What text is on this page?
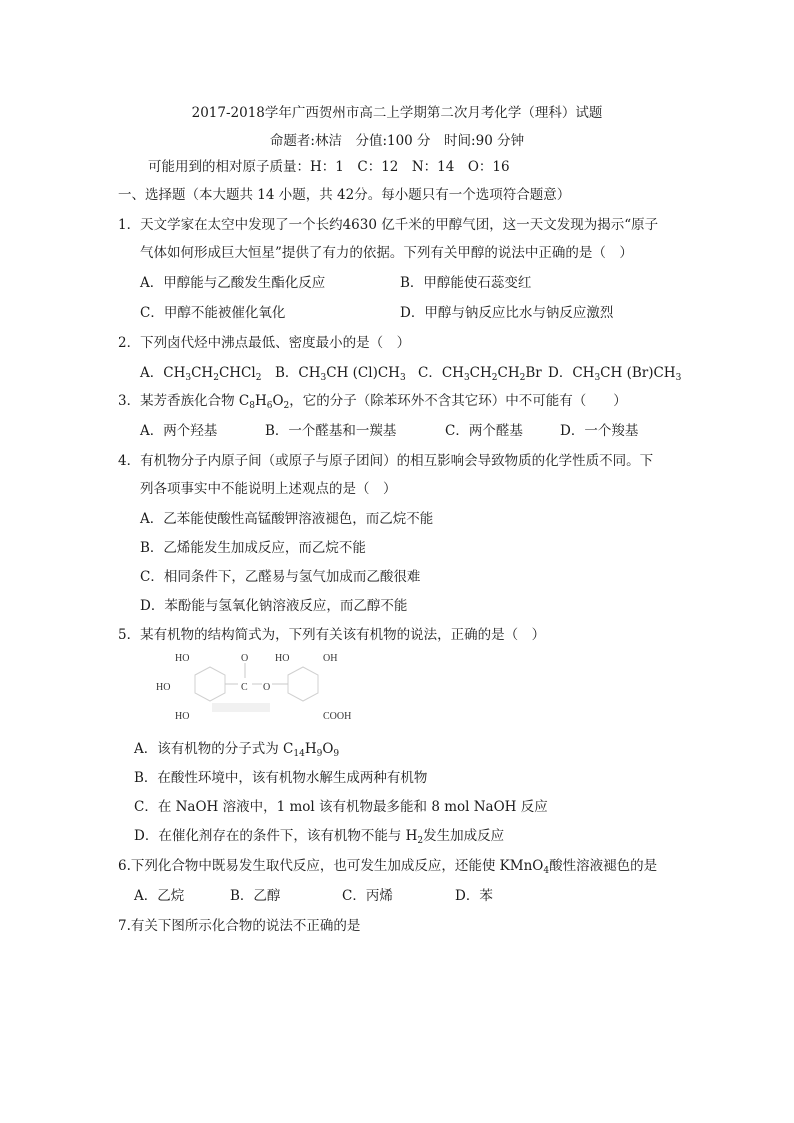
2017-2018学年广西贺州市高二上学期第二次月考化学（理科）试题
命题者:林洁　分值:100 分　时间:90 分钟
可能用到的相对原子质量：H：1　C：12　N：14　O：16
一、选择题（本大题共 14 小题，共 42分。每小题只有一个选项符合题意）
1．天文学家在太空中发现了一个长约4630 亿千米的甲醇气团，这一天文发现为揭示“原子
气体如何形成巨大恒星”提供了有力的依据。下列有关甲醇的说法中正确的是（　）
A．甲醇能与乙酸发生酯化反应	B．甲醇能使石蕊变红
C．甲醇不能被催化氧化	D．甲醇与钠反应比水与钠反应激烈
2．下列卤代烃中沸点最低、密度最小的是（　）
A．$CH_3CH_2CHCl_2$ B．$CH_3CH$ $(Cl)CH_3$ C．$CH_3CH_2CH_2Br$ D．$CH_3CH$ $(Br)CH_3$
3．某芳香族化合物 $C_8H_6O_2$，它的分子（除苯环外不含其它环）中不可能有（　　）
A．两个羟基	B．一个醛基和一羰基	C．两个醛基	D．一个羧基
4．有机物分子内原子间（或原子与原子团间）的相互影响会导致物质的化学性质不同。下
列各项事实中不能说明上述观点的是（　）
A．乙苯能使酸性高锰酸钾溶液褪色，而乙烷不能
B．乙烯能发生加成反应，而乙烷不能
C．相同条件下，乙醛易与氢气加成而乙酸很难
D．苯酚能与氢氧化钠溶液反应，而乙醇不能
5．某有机物的结构简式为，下列有关该有机物的说法，正确的是（　）
HO	O	HO	OH
HO	C O
HO	COOH
A．该有机物的分子式为 $C_{14}H_9O_9$
B．在酸性环境中，该有机物水解生成两种有机物
C．在 NaOH 溶液中，1 mol 该有机物最多能和 8 mol NaOH 反应
D．在催化剂存在的条件下，该有机物不能与 $H_2$发生加成反应
6.下列化合物中既易发生取代反应，也可发生加成反应，还能使 KMnO$_4$酸性溶液褪色的是
A．乙烷	B．乙醇	C．丙烯	D．苯
7.有关下图所示化合物的说法不正确的是
